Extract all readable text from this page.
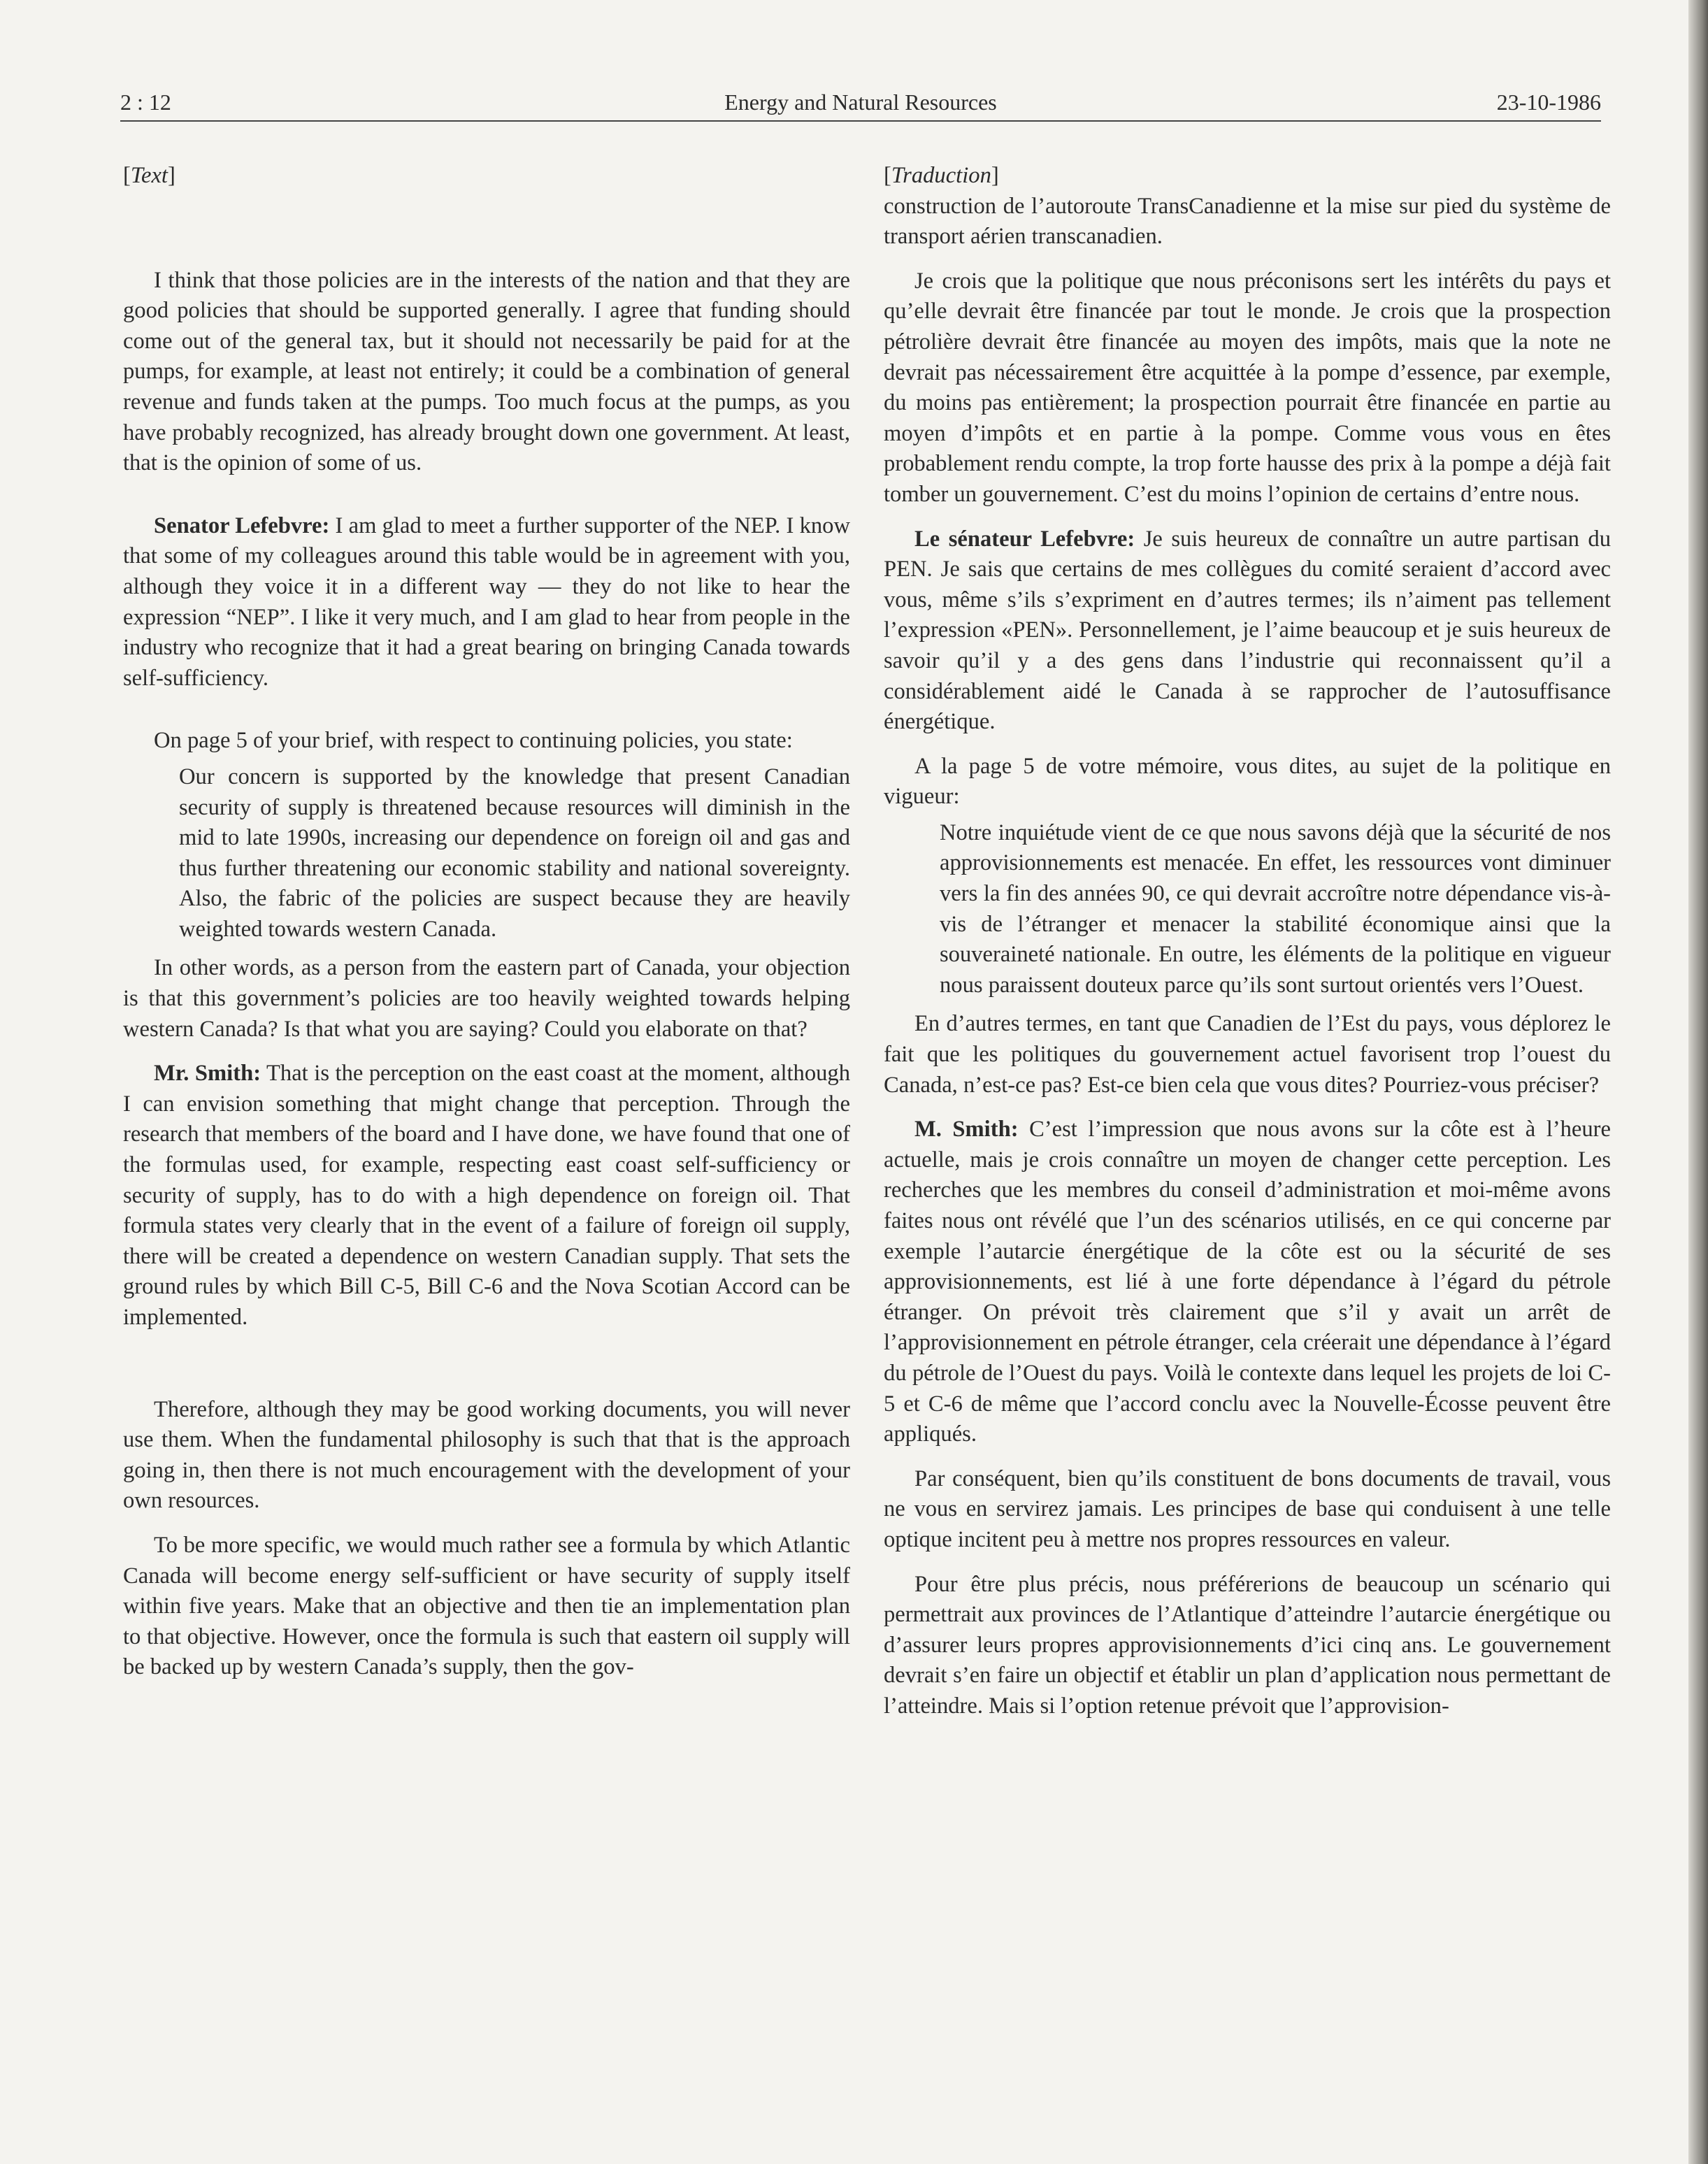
2 : 12	Energy and Natural Resources	23-10-1986

[Text]

I think that those policies are in the interests of the nation and that they are good policies that should be supported generally. I agree that funding should come out of the general tax, but it should not necessarily be paid for at the pumps, for example, at least not entirely; it could be a combination of general revenue and funds taken at the pumps. Too much focus at the pumps, as you have probably recognized, has already brought down one government. At least, that is the opinion of some of us.

Senator Lefebvre: I am glad to meet a further supporter of the NEP. I know that some of my colleagues around this table would be in agreement with you, although they voice it in a different way — they do not like to hear the expression “NEP”. I like it very much, and I am glad to hear from people in the industry who recognize that it had a great bearing on bringing Canada towards self-sufficiency.

On page 5 of your brief, with respect to continuing policies, you state:

Our concern is supported by the knowledge that present Canadian security of supply is threatened because resources will diminish in the mid to late 1990s, increasing our dependence on foreign oil and gas and thus further threatening our economic stability and national sovereignty. Also, the fabric of the policies are suspect because they are heavily weighted towards western Canada.

In other words, as a person from the eastern part of Canada, your objection is that this government’s policies are too heavily weighted towards helping western Canada? Is that what you are saying? Could you elaborate on that?

Mr. Smith: That is the perception on the east coast at the moment, although I can envision something that might change that perception. Through the research that members of the board and I have done, we have found that one of the formulas used, for example, respecting east coast self-sufficiency or security of supply, has to do with a high dependence on foreign oil. That formula states very clearly that in the event of a failure of foreign oil supply, there will be created a dependence on western Canadian supply. That sets the ground rules by which Bill C-5, Bill C-6 and the Nova Scotian Accord can be implemented.

Therefore, although they may be good working documents, you will never use them. When the fundamental philosophy is such that that is the approach going in, then there is not much encouragement with the development of your own resources.

To be more specific, we would much rather see a formula by which Atlantic Canada will become energy self-sufficient or have security of supply itself within five years. Make that an objective and then tie an implementation plan to that objective. However, once the formula is such that eastern oil supply will be backed up by western Canada’s supply, then the gov-

[Traduction]

construction de l’autoroute TransCanadienne et la mise sur pied du système de transport aérien transcanadien.

Je crois que la politique que nous préconisons sert les intérêts du pays et qu’elle devrait être financée par tout le monde. Je crois que la prospection pétrolière devrait être financée au moyen des impôts, mais que la note ne devrait pas nécessairement être acquittée à la pompe d’essence, par exemple, du moins pas entièrement; la prospection pourrait être financée en partie au moyen d’impôts et en partie à la pompe. Comme vous vous en êtes probablement rendu compte, la trop forte hausse des prix à la pompe a déjà fait tomber un gouvernement. C’est du moins l’opinion de certains d’entre nous.

Le sénateur Lefebvre: Je suis heureux de connaître un autre partisan du PEN. Je sais que certains de mes collègues du comité seraient d’accord avec vous, même s’ils s’expriment en d’autres termes; ils n’aiment pas tellement l’expression «PEN». Personnellement, je l’aime beaucoup et je suis heureux de savoir qu’il y a des gens dans l’industrie qui reconnaissent qu’il a considérablement aidé le Canada à se rapprocher de l’autosuffisance énergétique.

A la page 5 de votre mémoire, vous dites, au sujet de la politique en vigueur:

Notre inquiétude vient de ce que nous savons déjà que la sécurité de nos approvisionnements est menacée. En effet, les ressources vont diminuer vers la fin des années 90, ce qui devrait accroître notre dépendance vis-à-vis de l’étranger et menacer la stabilité économique ainsi que la souveraineté nationale. En outre, les éléments de la politique en vigueur nous paraissent douteux parce qu’ils sont surtout orientés vers l’Ouest.

En d’autres termes, en tant que Canadien de l’Est du pays, vous déplorez le fait que les politiques du gouvernement actuel favorisent trop l’ouest du Canada, n’est-ce pas? Est-ce bien cela que vous dites? Pourriez-vous préciser?

M. Smith: C’est l’impression que nous avons sur la côte est à l’heure actuelle, mais je crois connaître un moyen de changer cette perception. Les recherches que les membres du conseil d’administration et moi-même avons faites nous ont révélé que l’un des scénarios utilisés, en ce qui concerne par exemple l’autarcie énergétique de la côte est ou la sécurité de ses approvisionnements, est lié à une forte dépendance à l’égard du pétrole étranger. On prévoit très clairement que s’il y avait un arrêt de l’approvisionnement en pétrole étranger, cela créerait une dépendance à l’égard du pétrole de l’Ouest du pays. Voilà le contexte dans lequel les projets de loi C-5 et C-6 de même que l’accord conclu avec la Nouvelle-Écosse peuvent être appliqués.

Par conséquent, bien qu’ils constituent de bons documents de travail, vous ne vous en servirez jamais. Les principes de base qui conduisent à une telle optique incitent peu à mettre nos propres ressources en valeur.

Pour être plus précis, nous préférerions de beaucoup un scénario qui permettrait aux provinces de l’Atlantique d’atteindre l’autarcie énergétique ou d’assurer leurs propres approvisionnements d’ici cinq ans. Le gouvernement devrait s’en faire un objectif et établir un plan d’application nous permettant de l’atteindre. Mais si l’option retenue prévoit que l’approvision-
